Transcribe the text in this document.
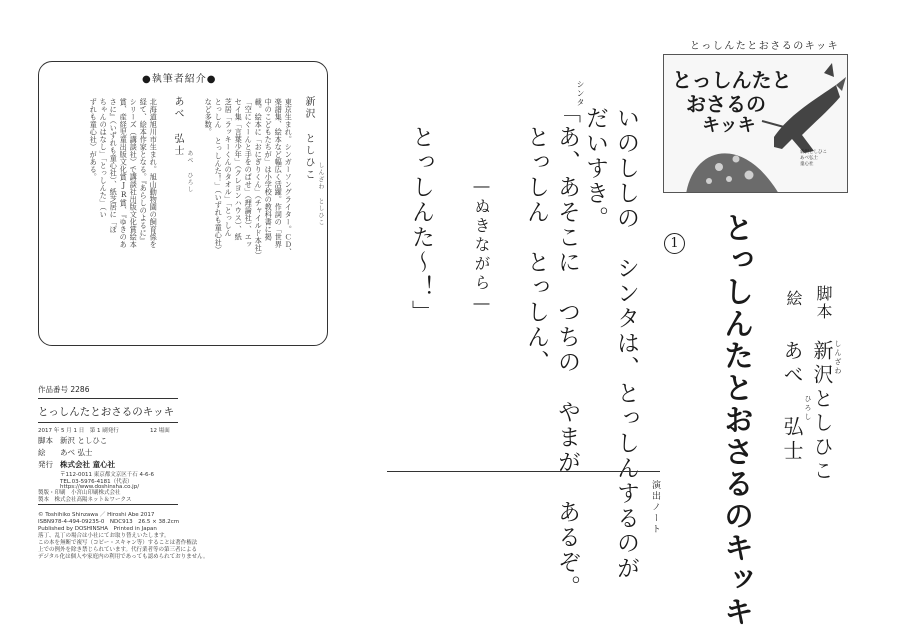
●執筆者紹介●
新沢 としひこ
しんざわ としひこ
東京生まれ。シンガーソングライター。ＣＤ、
楽譜集、絵本など幅広く活躍。作詞の「世界
中のこどもたちが」は小学校の教科書に掲
載。絵本に「おにぎりくん」（チャイルド本社）
「空にぐーんと手をのばせ」（理論社）、エッ
セイ集「言葉少年」（クレヨンハウス）、紙
芝居「ラッキーくんのタオル」「とっしん
とっしん とっしんた！」（いずれも童心社）
など多数。
あべ 弘士
あべ ひろし
北海道旭川市生まれ。旭山動物園の飼育係を
経て、絵本作家となる。『あらしのよるに』
シリーズ（講談社）で講談社出版文化賞絵本
賞、産経児童出版文化賞JR賞、『ゆきのあ
さに』（いずれも童心社）、紙芝居に「ぽ
ちゃんのはなし」「とっしんた」（い
ずれも童心社）がある。
作品番号 2286
とっしんたとおさるのキッキ
2017 年 5 月 1 日　第 1 刷発行	12 場面
脚本 新沢 としひこ
絵 あべ 弘士
発行 株式会社 童心社
〒112-0011 東京都文京区千石 4-6-6
TEL.03-5976-4181（代表）
https://www.doshinsha.co.jp/
製版・印刷　小宮山印刷株式会社
製本　株式会社高陽ネット＆ワークス
© Toshihiko Shinzawa ／ Hiroshi Abe 2017
ISBN978-4-494-09235-0　NDC913　26.5 × 38.2cm
Published by DOSHINSHA　Printed in Japan
落丁、乱丁の場合は小社にてお取り替えいたします。
この本を無断で複写（コピー・スキャン等）することは著作権法
上での例外を除き禁じられています。代行業者等の第三者による
デジタル化は個人や家庭内の利用であっても認められておりません。	いのししの　シンタは、とっしんするのが
だいすき。
シンタ
「あ、あそこに　つちの　やまが　あるぞ。
　とっしん　とっしん、
―ぬきながら―
　とっしんた〜！」
演出ノート
とっしんたとおさるのキッキ
とっしんたと
おさるの
キッキ
新沢としひこ
あべ弘士
童心社
1 とっしんたとおさるのキッキ	脚本
新沢としひこ しんざわ
絵
あべ 弘士 ひろし
